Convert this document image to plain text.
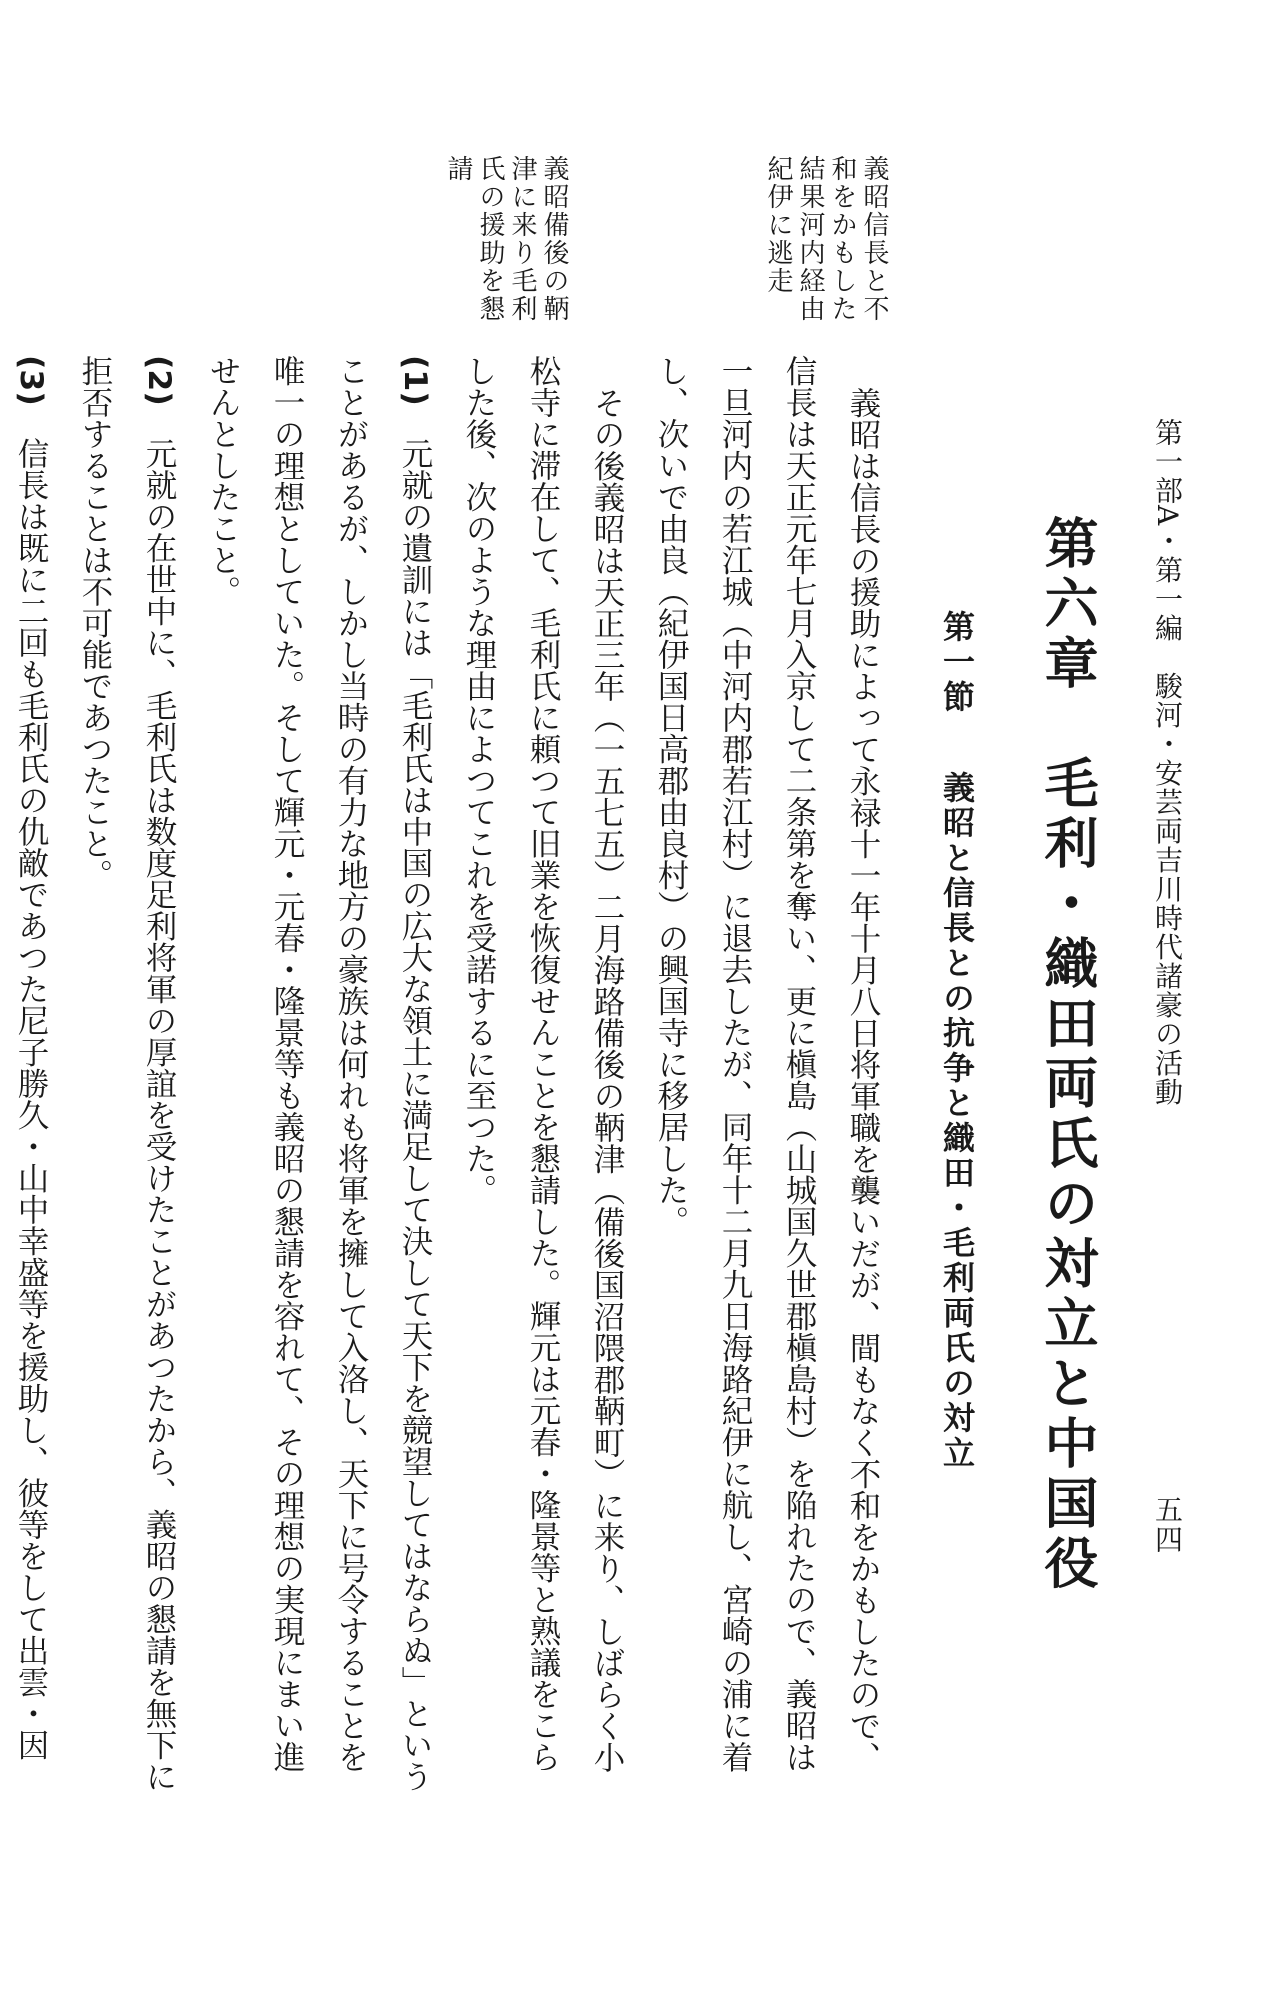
第一部A・第一編　駿河・安芸両吉川時代諸豪の活動
五四
第六章毛利・織田両氏の対立と中国役
第一節義昭と信長との抗争と織田・毛利両氏の対立
義昭信長と不和をかもした結果河内経由紀伊に逃走
義昭備後の鞆津に来り毛利氏の援助を懇請

義昭は信長の援助によって永禄十一年十月八日将軍職を襲いだが、間もなく不和をかもしたので、信長は天正元年七月入京して二条第を奪い、更に槇島（山城国久世郡槇島村）を陥れたので、義昭は一旦河内の若江城（中河内郡若江村）に退去したが、同年十二月九日海路紀伊に航し、宮崎の浦に着し、次いで由良（紀伊国日高郡由良村）の興国寺に移居した。

その後義昭は天正三年（一五七五）二月海路備後の鞆津（備後国沼隈郡鞆町）に来り、しばらく小松寺に滞在して、毛利氏に頼つて旧業を恢復せんことを懇請した。輝元は元春・隆景等と熟議をこらした後、次のような理由によつてこれを受諾するに至つた。

(1)　元就の遺訓には「毛利氏は中国の広大な領土に満足して決して天下を競望してはならぬ」ということがあるが、しかし当時の有力な地方の豪族は何れも将軍を擁して入洛し、天下に号令することを唯一の理想としていた。そして輝元・元春・隆景等も義昭の懇請を容れて、その理想の実現にまい進せんとしたこと。

(2)　元就の在世中に、毛利氏は数度足利将軍の厚誼を受けたことがあつたから、義昭の懇請を無下に拒否することは不可能であつたこと。

(3)　信長は既に二回も毛利氏の仇敵であつた尼子勝久・山中幸盛等を援助し、彼等をして出雲・因
